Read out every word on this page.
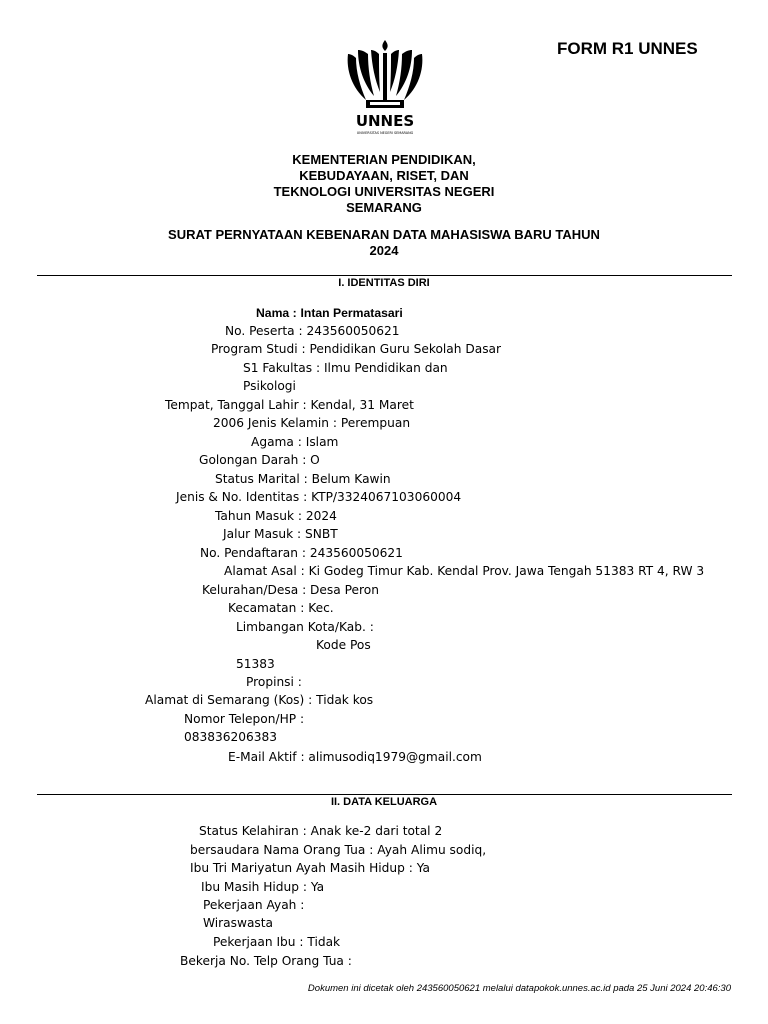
FORM R1 UNNES
UNNES
UNIVERSITAS NEGERI SEMARANG
KEMENTERIAN PENDIDIKAN,
KEBUDAYAAN, RISET, DAN
TEKNOLOGI UNIVERSITAS NEGERI
SEMARANG
SURAT PERNYATAAN KEBENARAN DATA MAHASISWA BARU TAHUN
2024
I. IDENTITAS DIRI
Nama : Intan Permatasari
No. Peserta : 243560050621
Program Studi : Pendidikan Guru Sekolah Dasar
S1 Fakultas : Ilmu Pendidikan dan
Psikologi
Tempat, Tanggal Lahir : Kendal, 31 Maret
2006 Jenis Kelamin : Perempuan
Agama : Islam
Golongan Darah : O
Status Marital : Belum Kawin
Jenis & No. Identitas : KTP/3324067103060004
Tahun Masuk : 2024
Jalur Masuk : SNBT
No. Pendaftaran : 243560050621
Alamat Asal : Ki Godeg Timur Kab. Kendal Prov. Jawa Tengah 51383 RT 4, RW 3
Kelurahan/Desa : Desa Peron
Kecamatan : Kec.
Limbangan Kota/Kab. :
Kode Pos
51383
Propinsi :
Alamat di Semarang (Kos) : Tidak kos
Nomor Telepon/HP :
083836206383
E-Mail Aktif : alimusodiq1979@gmail.com
II. DATA KELUARGA
Status Kelahiran : Anak ke-2 dari total 2
bersaudara Nama Orang Tua : Ayah Alimu sodiq,
Ibu Tri Mariyatun Ayah Masih Hidup : Ya
Ibu Masih Hidup : Ya
Pekerjaan Ayah :
Wiraswasta
Pekerjaan Ibu : Tidak
Bekerja No. Telp Orang Tua :
Dokumen ini dicetak oleh 243560050621 melalui datapokok.unnes.ac.id pada 25 Juni 2024 20:46:30
